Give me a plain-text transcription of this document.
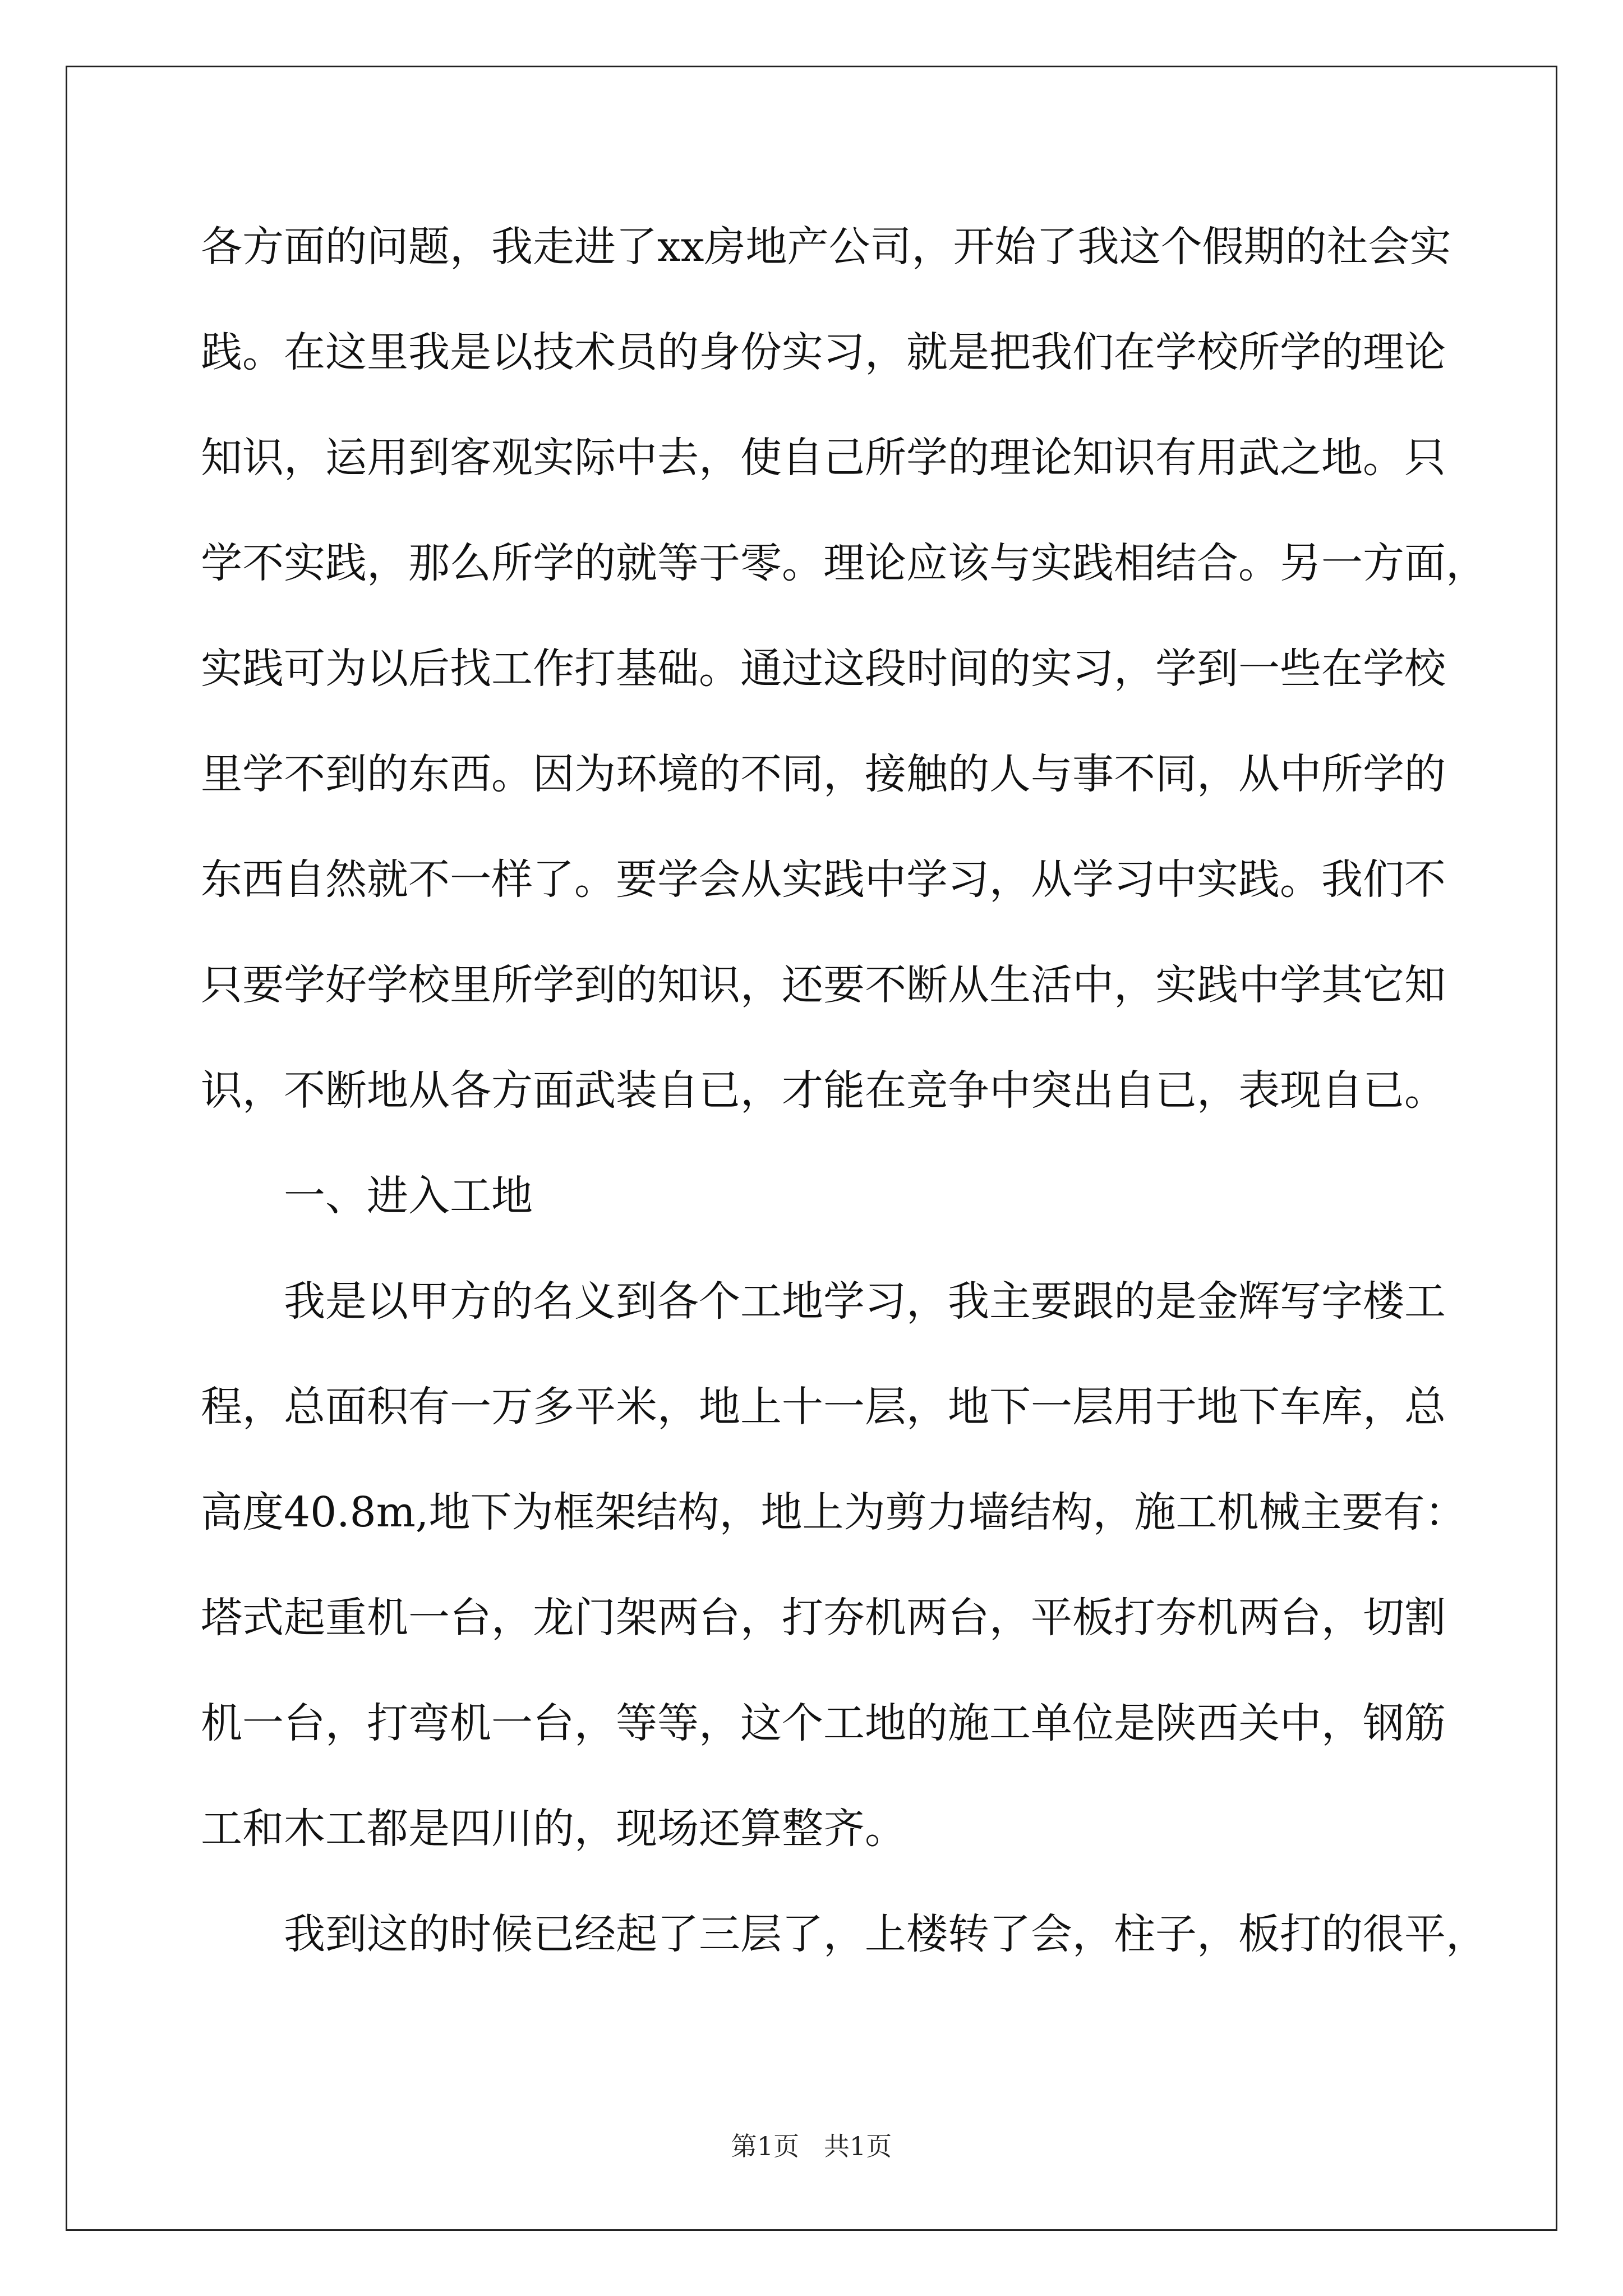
各方面的问题，我走进了xx房地产公司，开始了我这个假期的社会实
践。在这里我是以技术员的身份实习，就是把我们在学校所学的理论
知识，运用到客观实际中去，使自己所学的理论知识有用武之地。只
学不实践，那么所学的就等于零。理论应该与实践相结合。另一方面，
实践可为以后找工作打基础。通过这段时间的实习，学到一些在学校
里学不到的东西。因为环境的不同，接触的人与事不同，从中所学的
东西自然就不一样了。要学会从实践中学习，从学习中实践。我们不
只要学好学校里所学到的知识，还要不断从生活中，实践中学其它知
识，不断地从各方面武装自已，才能在竞争中突出自已，表现自已。
一、进入工地
我是以甲方的名义到各个工地学习，我主要跟的是金辉写字楼工
程，总面积有一万多平米，地上十一层，地下一层用于地下车库，总
高度40.8m,地下为框架结构，地上为剪力墙结构，施工机械主要有：
塔式起重机一台，龙门架两台，打夯机两台，平板打夯机两台，切割
机一台，打弯机一台，等等，这个工地的施工单位是陕西关中，钢筋
工和木工都是四川的，现场还算整齐。
我到这的时候已经起了三层了，上楼转了会，柱子，板打的很平，
第1页   共1页
